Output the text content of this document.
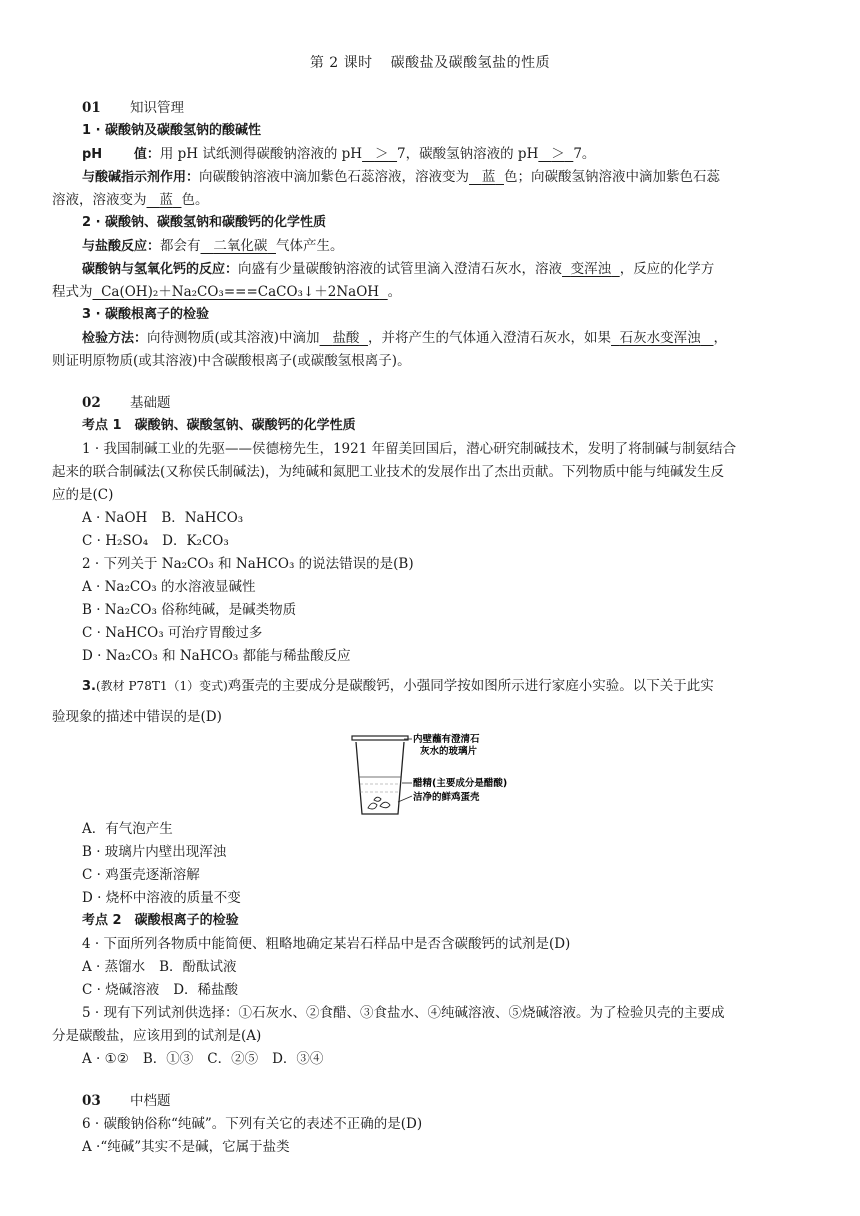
第 2 课时 碳酸盐及碳酸氢盐的性质
01 知识管理
1 · 碳酸钠及碳酸氢钠的酸碱性
pH       值：用 pH 试纸测得碳酸钠溶液的 pH ＞ 7，碳酸氢钠溶液的 pH ＞ 7。
与酸碱指示剂作用：向碳酸钠溶液中滴加紫色石蕊溶液，溶液变为 蓝 色；向碳酸氢钠溶液中滴加紫色石蕊
溶液，溶液变为 蓝 色。
2 · 碳酸钠、碳酸氢钠和碳酸钙的化学性质
与盐酸反应：都会有 二氧化碳 气体产生。
碳酸钠与氢氧化钙的反应：向盛有少量碳酸钠溶液的试管里滴入澄清石灰水，溶液 变浑浊 ，反应的化学方
程式为 Ca(OH)₂＋Na₂CO₃===CaCO₃↓＋2NaOH 。
3 · 碳酸根离子的检验
检验方法：向待测物质(或其溶液)中滴加 盐酸 ，并将产生的气体通入澄清石灰水，如果 石灰水变浑浊 ，
则证明原物质(或其溶液)中含碳酸根离子(或碳酸氢根离子)。
02 基础题
考点 1　碳酸钠、碳酸氢钠、碳酸钙的化学性质
1 · 我国制碱工业的先驱——侯德榜先生，1921 年留美回国后，潜心研究制碱技术，发明了将制碱与制氨结合
起来的联合制碱法(又称侯氏制碱法)，为纯碱和氮肥工业技术的发展作出了杰出贡献。下列物质中能与纯碱发生反
应的是(C)
A · NaOH B．NaHCO₃
C · H₂SO₄ D．K₂CO₃
2 · 下列关于 Na₂CO₃ 和 NaHCO₃ 的说法错误的是(B)
A · Na₂CO₃ 的水溶液显碱性
B · Na₂CO₃ 俗称纯碱，是碱类物质
C · NaHCO₃ 可治疗胃酸过多
D · Na₂CO₃ 和 NaHCO₃ 都能与稀盐酸反应
3.(教材 P78T1（1）变式)鸡蛋壳的主要成分是碳酸钙，小强同学按如图所示进行家庭小实验。以下关于此实
验现象的描述中错误的是(D)
内壁蘸有澄清石
灰水的玻璃片
醋精(主要成分是醋酸)
洁净的鲜鸡蛋壳
A．有气泡产生
B · 玻璃片内壁出现浑浊
C · 鸡蛋壳逐渐溶解
D · 烧杯中溶液的质量不变
考点 2　碳酸根离子的检验
4 · 下面所列各物质中能简便、粗略地确定某岩石样品中是否含碳酸钙的试剂是(D)
A · 蒸馏水 B．酚酞试液
C · 烧碱溶液 D．稀盐酸
5 · 现有下列试剂供选择：①石灰水、②食醋、③食盐水、④纯碱溶液、⑤烧碱溶液。为了检验贝壳的主要成
分是碳酸盐，应该用到的试剂是(A)
A · ①② B．①③ C．②⑤ D．③④
03 中档题
6 · 碳酸钠俗称“纯碱”。下列有关它的表述不正确的是(D)
A ·“纯碱”其实不是碱，它属于盐类
